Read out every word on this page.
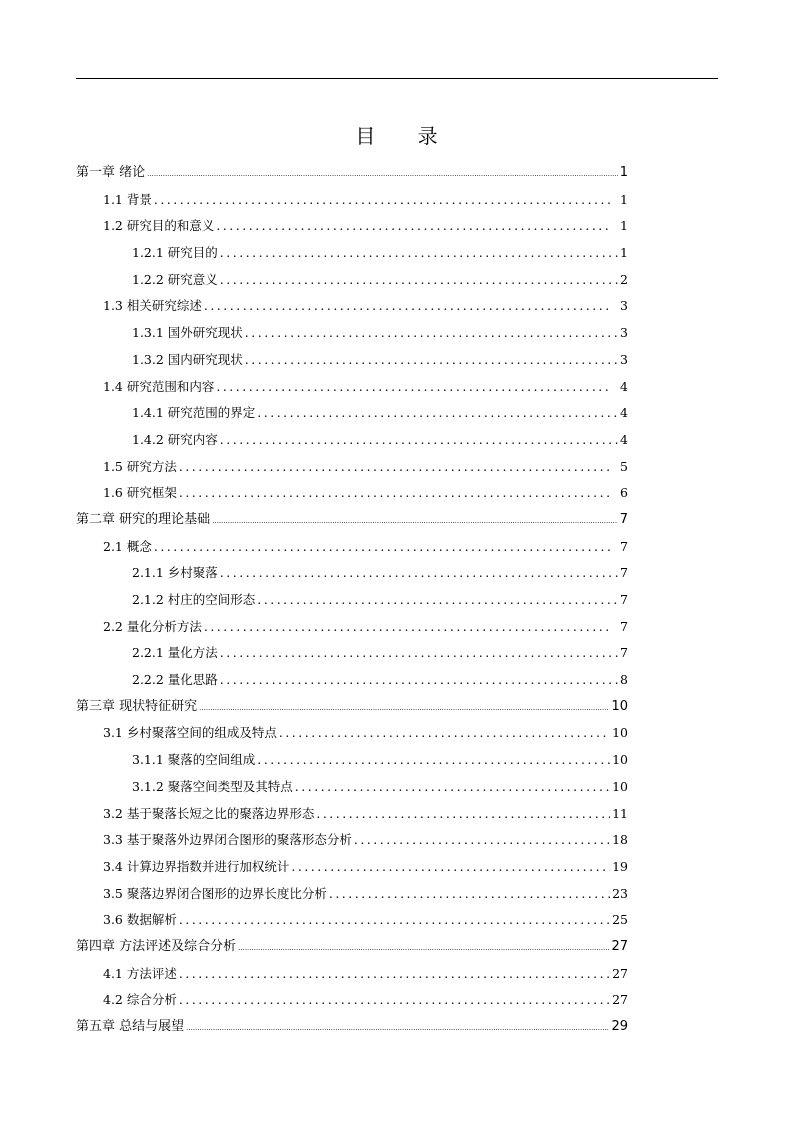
目 录
第一章 绪论 .....	1
1.1 背景 .....	1
1.2 研究目的和意义 .....	1
1.2.1 研究目的 .....	1
1.2.2 研究意义 .....	2
1.3 相关研究综述 .....	3
1.3.1 国外研究现状 .....	3
1.3.2 国内研究现状 .....	3
1.4 研究范围和内容 .....	4
1.4.1 研究范围的界定 .....	4
1.4.2 研究内容 .....	4
1.5 研究方法 .....	5
1.6 研究框架 .....	6
第二章 研究的理论基础 .....	7
2.1 概念 .....	7
2.1.1 乡村聚落 .....	7
2.1.2 村庄的空间形态 .....	7
2.2 量化分析方法 .....	7
2.2.1 量化方法 .....	7
2.2.2 量化思路 .....	8
第三章 现状特征研究 .....	10
3.1 乡村聚落空间的组成及特点 .....	10
3.1.1 聚落的空间组成 .....	10
3.1.2 聚落空间类型及其特点 .....	10
3.2 基于聚落长短之比的聚落边界形态 .....	11
3.3 基于聚落外边界闭合图形的聚落形态分析 .....	18
3.4 计算边界指数并进行加权统计 .....	19
3.5 聚落边界闭合图形的边界长度比分析 .....	23
3.6 数据解析 .....	25
第四章 方法评述及综合分析 .....	27
4.1 方法评述 .....	27
4.2 综合分析 .....	27
第五章 总结与展望 .....	29
